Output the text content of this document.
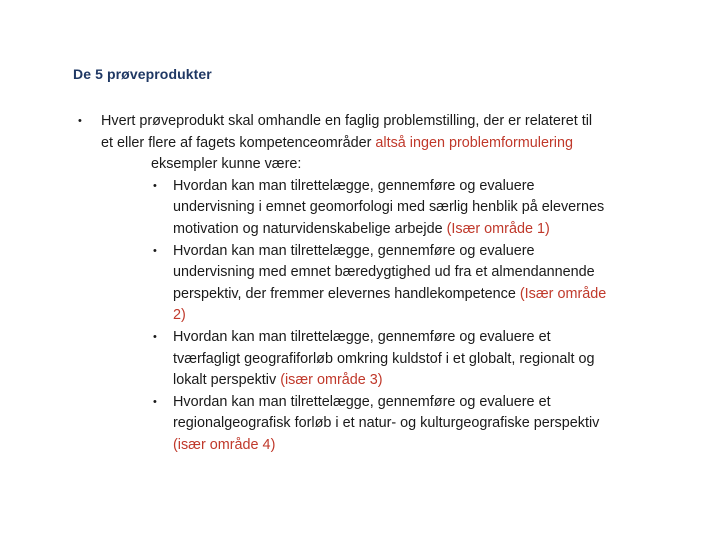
De 5 prøveprodukter
• Hvert prøveprodukt skal omhandle en faglig problemstilling, der er relateret til et eller flere af fagets kompetenceområder altså ingen problemformulering
eksempler kunne være:
• Hvordan kan man tilrettelægge, gennemføre og evaluere undervisning i emnet geomorfologi med særlig henblik på elevernes motivation og naturvidenskabelige arbejde (Især område 1)
• Hvordan kan man tilrettelægge, gennemføre og evaluere undervisning med emnet bæredygtighed ud fra et almendannende perspektiv, der fremmer elevernes handlekompetence (Især område 2)
• Hvordan kan man tilrettelægge, gennemføre og evaluere et tværfagligt geografiforløb omkring kuldstof i et globalt, regionalt og lokalt perspektiv (især område 3)
• Hvordan kan man tilrettelægge, gennemføre og evaluere et regionalgeografisk forløb i et natur- og kulturgeografiske perspektiv (især område 4)
